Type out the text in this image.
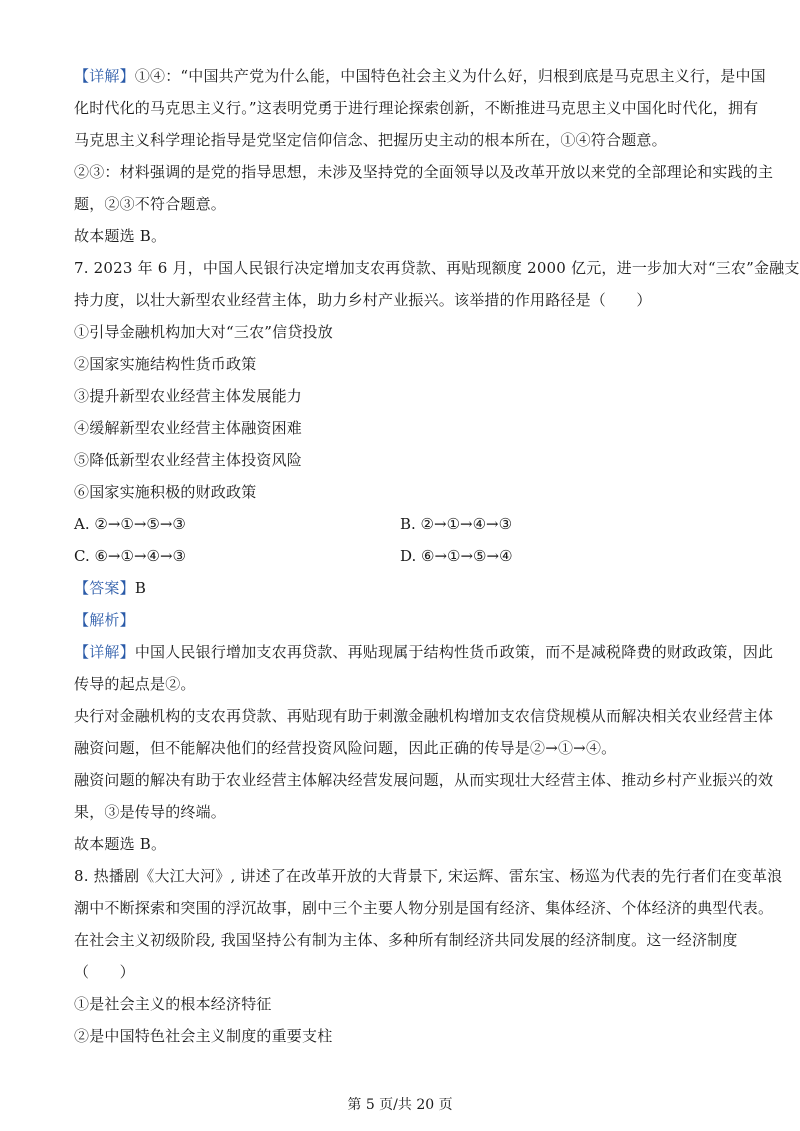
【详解】①④：“中国共产党为什么能，中国特色社会主义为什么好，归根到底是马克思主义行，是中国
化时代化的马克思主义行。”这表明党勇于进行理论探索创新，不断推进马克思主义中国化时代化，拥有
马克思主义科学理论指导是党坚定信仰信念、把握历史主动的根本所在，①④符合题意。
②③：材料强调的是党的指导思想，未涉及坚持党的全面领导以及改革开放以来党的全部理论和实践的主
题，②③不符合题意。
故本题选 B。
7. 2023 年 6 月，中国人民银行决定增加支农再贷款、再贴现额度 2000 亿元，进一步加大对“三农”金融支
持力度，以壮大新型农业经营主体，助力乡村产业振兴。该举措的作用路径是（　　）
①引导金融机构加大对“三农”信贷投放
②国家实施结构性货币政策
③提升新型农业经营主体发展能力
④缓解新型农业经营主体融资困难
⑤降低新型农业经营主体投资风险
⑥国家实施积极的财政政策
A. ②→①→⑤→③	B. ②→①→④→③
C. ⑥→①→④→③	D. ⑥→①→⑤→④
【答案】B
【解析】
【详解】中国人民银行增加支农再贷款、再贴现属于结构性货币政策，而不是减税降费的财政政策，因此
传导的起点是②。
央行对金融机构的支农再贷款、再贴现有助于刺激金融机构增加支农信贷规模从而解决相关农业经营主体
融资问题，但不能解决他们的经营投资风险问题，因此正确的传导是②→①→④。
融资问题的解决有助于农业经营主体解决经营发展问题，从而实现壮大经营主体、推动乡村产业振兴的效
果，③是传导的终端。
故本题选 B。
8. 热播剧《大江大河》, 讲述了在改革开放的大背景下, 宋运辉、雷东宝、杨巡为代表的先行者们在变革浪
潮中不断探索和突围的浮沉故事，剧中三个主要人物分别是国有经济、集体经济、个体经济的典型代表。
在社会主义初级阶段, 我国坚持公有制为主体、多种所有制经济共同发展的经济制度。这一经济制度
（　　）
①是社会主义的根本经济特征
②是中国特色社会主义制度的重要支柱
第 5 页/共 20 页
